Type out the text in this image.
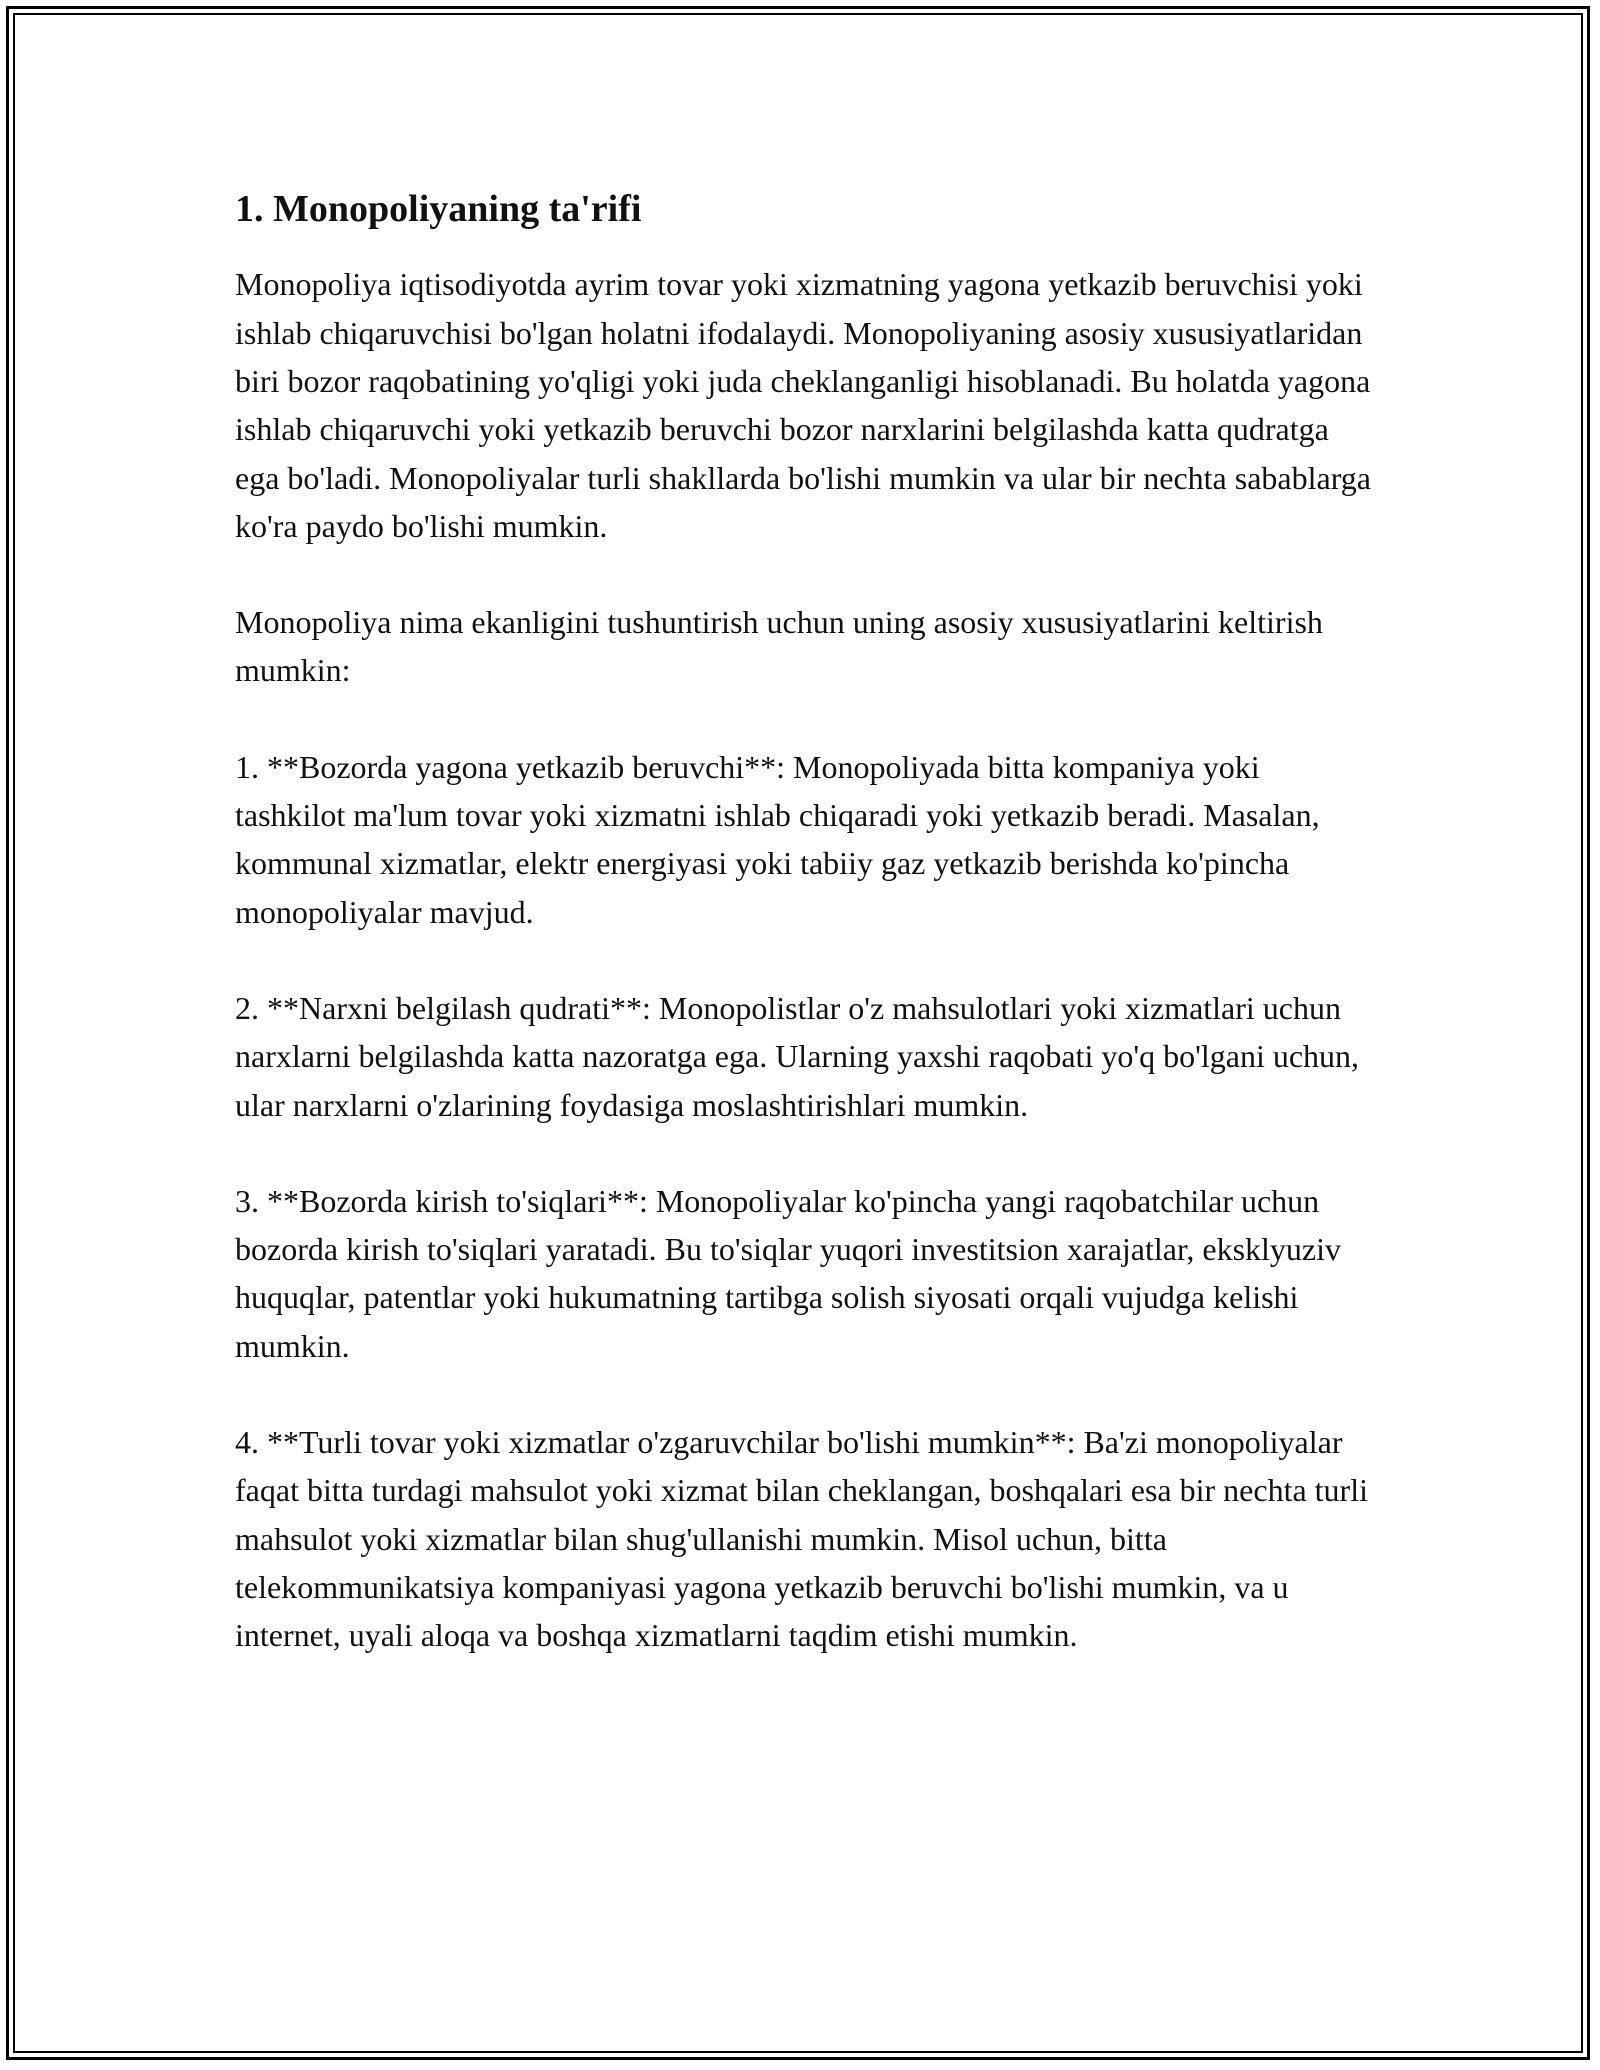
1. Monopoliyaning ta'rifi

Monopoliya iqtisodiyotda ayrim tovar yoki xizmatning yagona yetkazib beruvchisi yoki ishlab chiqaruvchisi bo'lgan holatni ifodalaydi. Monopoliyaning asosiy xususiyatlaridan biri bozor raqobatining yo'qligi yoki juda cheklanganligi hisoblanadi. Bu holatda yagona ishlab chiqaruvchi yoki yetkazib beruvchi bozor narxlarini belgilashda katta qudratga ega bo'ladi. Monopoliyalar turli shakllarda bo'lishi mumkin va ular bir nechta sabablarga ko'ra paydo bo'lishi mumkin.

Monopoliya nima ekanligini tushuntirish uchun uning asosiy xususiyatlarini keltirish mumkin:

1. **Bozorda yagona yetkazib beruvchi**: Monopoliyada bitta kompaniya yoki tashkilot ma'lum tovar yoki xizmatni ishlab chiqaradi yoki yetkazib beradi. Masalan, kommunal xizmatlar, elektr energiyasi yoki tabiiy gaz yetkazib berishda ko'pincha monopoliyalar mavjud.

2. **Narxni belgilash qudrati**: Monopolistlar o'z mahsulotlari yoki xizmatlari uchun narxlarni belgilashda katta nazoratga ega. Ularning yaxshi raqobati yo'q bo'lgani uchun, ular narxlarni o'zlarining foydasiga moslashtirishlari mumkin.

3. **Bozorda kirish to'siqlari**: Monopoliyalar ko'pincha yangi raqobatchilar uchun bozorda kirish to'siqlari yaratadi. Bu to'siqlar yuqori investitsion xarajatlar, eksklyuziv huquqlar, patentlar yoki hukumatning tartibga solish siyosati orqali vujudga kelishi mumkin.

4. **Turli tovar yoki xizmatlar o'zgaruvchilar bo'lishi mumkin**: Ba'zi monopoliyalar faqat bitta turdagi mahsulot yoki xizmat bilan cheklangan, boshqalari esa bir nechta turli mahsulot yoki xizmatlar bilan shug'ullanishi mumkin. Misol uchun, bitta telekommunikatsiya kompaniyasi yagona yetkazib beruvchi bo'lishi mumkin, va u internet, uyali aloqa va boshqa xizmatlarni taqdim etishi mumkin.
